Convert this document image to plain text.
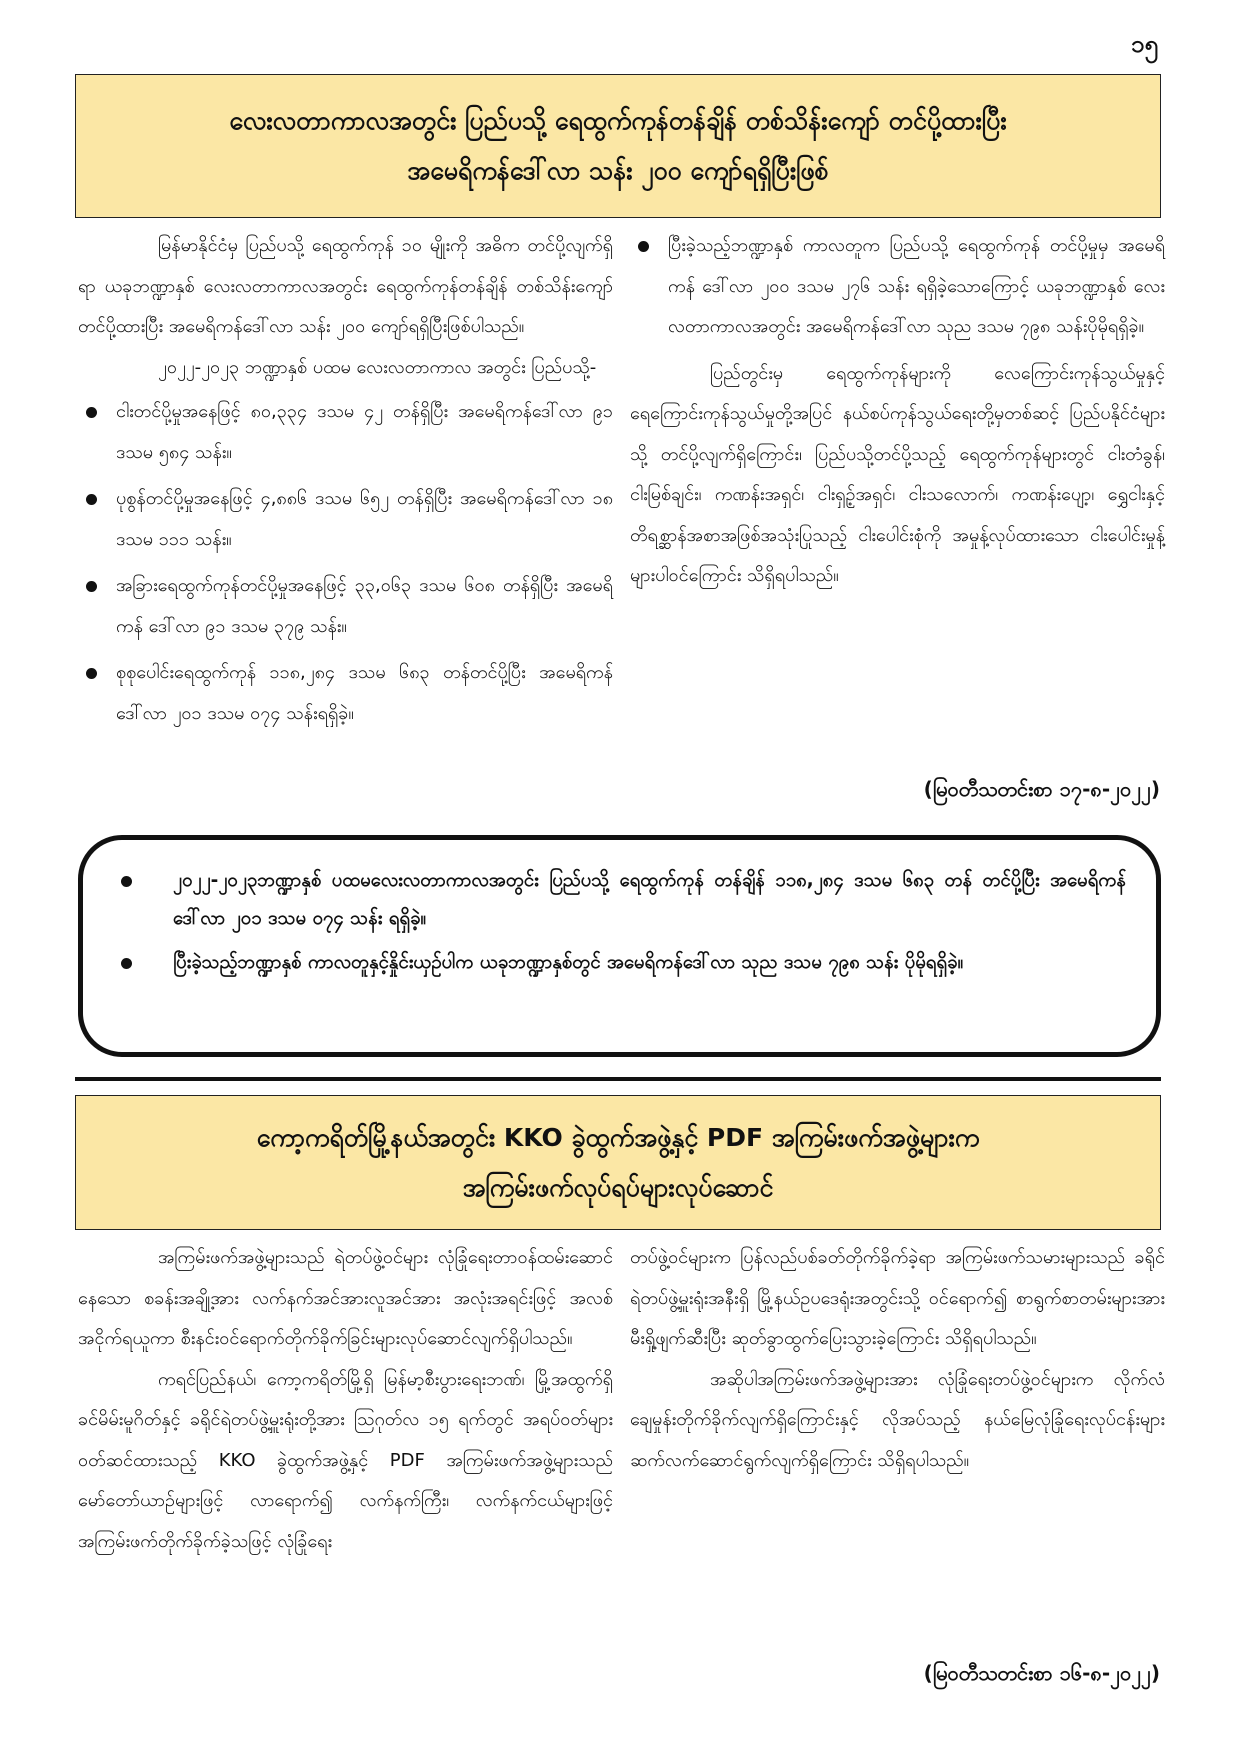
၁၅
လေးလတာကာလအတွင်း ပြည်ပသို့ ရေထွက်ကုန်တန်ချိန် တစ်သိန်းကျော် တင်ပို့ထားပြီး
အမေရိကန်ဒေါ်လာ သန်း ၂၀၀ ကျော်ရရှိပြီးဖြစ်

မြန်မာနိုင်ငံမှ ပြည်ပသို့ ရေထွက်ကုန် ၁၀ မျိုးကို အဓိက တင်ပို့လျက်ရှိရာ ယခုဘဏ္ဍာနှစ် လေးလတာကာလအတွင်း ရေထွက်ကုန်တန်ချိန် တစ်သိန်းကျော်တင်ပို့ထားပြီး အမေရိကန်ဒေါ်လာ သန်း ၂၀၀ ကျော်ရရှိပြီးဖြစ်ပါသည်။

၂၀၂၂-၂၀၂၃ ဘဏ္ဍာနှစ် ပထမ လေးလတာကာလ အတွင်း ပြည်ပသို့-

ငါးတင်ပို့မှုအနေဖြင့် ၈၀,၃၃၄ ဒသမ ၄၂ တန်ရှိပြီး အမေရိကန်ဒေါ်လာ ၉၁ ဒသမ ၅၈၄ သန်း။
ပုစွန်တင်ပို့မှုအနေဖြင့် ၄,၈၈၆ ဒသမ ၆၅၂ တန်ရှိပြီး အမေရိကန်ဒေါ်လာ ၁၈ ဒသမ ၁၁၁ သန်း။
အခြားရေထွက်ကုန်တင်ပို့မှုအနေဖြင့် ၃၃,၀၆၃ ဒသမ ၆၀၈ တန်ရှိပြီး အမေရိကန် ဒေါ်လာ ၉၁ ဒသမ ၃၇၉ သန်း။
စုစုပေါင်းရေထွက်ကုန် ၁၁၈,၂၈၄ ဒသမ ၆၈၃ တန်တင်ပို့ပြီး အမေရိကန်ဒေါ်လာ ၂၀၁ ဒသမ ၀၇၄ သန်းရရှိခဲ့။
ပြီးခဲ့သည့်ဘဏ္ဍာနှစ် ကာလတူက ပြည်ပသို့ ရေထွက်ကုန် တင်ပို့မှုမှ အမေရိကန် ဒေါ်လာ ၂၀၀ ဒသမ ၂၇၆ သန်း ရရှိခဲ့သောကြောင့် ယခုဘဏ္ဍာနှစ် လေးလတာကာလအတွင်း အမေရိကန်ဒေါ်လာ သုည ဒသမ ၇၉၈ သန်းပိုမိုရရှိခဲ့။

ပြည်တွင်းမှ ရေထွက်ကုန်များကို လေကြောင်းကုန်သွယ်မှုနှင့် ရေကြောင်းကုန်သွယ်မှုတို့အပြင် နယ်စပ်ကုန်သွယ်ရေးတို့မှတစ်ဆင့် ပြည်ပနိုင်ငံများသို့ တင်ပို့လျက်ရှိကြောင်း၊ ပြည်ပသို့တင်ပို့သည့် ရေထွက်ကုန်များတွင် ငါးတံခွန်၊ ငါးမြစ်ချင်း၊ ကဏန်းအရှင်၊ ငါးရှဉ့်အရှင်၊ ငါးသလောက်၊ ကဏန်းပျော့၊ ရွှေငါးနှင့် တိရစ္ဆာန်အစာအဖြစ်အသုံးပြုသည့် ငါးပေါင်းစုံကို အမှုန့်လုပ်ထားသော ငါးပေါင်းမှုန့်များပါဝင်ကြောင်း သိရှိရပါသည်။

(မြဝတီသတင်းစာ ၁၇-၈-၂၀၂၂)
၂၀၂၂-၂၀၂၃ဘဏ္ဍာနှစ် ပထမလေးလတာကာလအတွင်း ပြည်ပသို့ ရေထွက်ကုန် တန်ချိန် ၁၁၈,၂၈၄ ဒသမ ၆၈၃ တန် တင်ပို့ပြီး အမေရိကန်ဒေါ်လာ ၂၀၁ ဒသမ ၀၇၄ သန်း ရရှိခဲ့။
ပြီးခဲ့သည့်ဘဏ္ဍာနှစ် ကာလတူနှင့်နှိုင်းယှဉ်ပါက ယခုဘဏ္ဍာနှစ်တွင် အမေရိကန်ဒေါ်လာ သုည ဒသမ ၇၉၈ သန်း ပိုမိုရရှိခဲ့။
ကော့ကရိတ်မြို့နယ်အတွင်း KKO ခွဲထွက်အဖွဲ့နှင့် PDF အကြမ်းဖက်အဖွဲ့များက
အကြမ်းဖက်လုပ်ရပ်များလုပ်ဆောင်

အကြမ်းဖက်အဖွဲ့များသည် ရဲတပ်ဖွဲ့ဝင်များ လုံခြုံရေးတာဝန်ထမ်းဆောင်နေသော စခန်းအချို့အား လက်နက်အင်အားလူအင်အား အလုံးအရင်းဖြင့် အလစ်အငိုက်ရယူကာ စီးနင်းဝင်ရောက်တိုက်ခိုက်ခြင်းများလုပ်ဆောင်လျက်ရှိပါသည်။

ကရင်ပြည်နယ်၊ ကော့ကရိတ်မြို့ရှိ မြန်မာ့စီးပွားရေးဘဏ်၊ မြို့အထွက်ရှိ ခင်မိမ်းမူဂိတ်နှင့် ခရိုင်ရဲတပ်ဖွဲ့မှူးရုံးတို့အား သြဂုတ်လ ၁၅ ရက်တွင် အရပ်ဝတ်များ ဝတ်ဆင်ထားသည့် KKO ခွဲထွက်အဖွဲ့နှင့် PDF အကြမ်းဖက်အဖွဲ့များသည် မော်တော်ယာဉ်များဖြင့် လာရောက်၍ လက်နက်ကြီး၊ လက်နက်ငယ်များဖြင့် အကြမ်းဖက်တိုက်ခိုက်ခဲ့သဖြင့် လုံခြုံရေး

တပ်ဖွဲ့ဝင်များက ပြန်လည်ပစ်ခတ်တိုက်ခိုက်ခဲ့ရာ အကြမ်းဖက်သမားများသည် ခရိုင်ရဲတပ်ဖွဲ့မှူးရုံးအနီးရှိ မြို့နယ်ဥပဒေရုံးအတွင်းသို့ ဝင်ရောက်၍ စာရွက်စာတမ်းများအား မီးရှို့ဖျက်ဆီးပြီး ဆုတ်ခွာထွက်ပြေးသွားခဲ့ကြောင်း သိရှိရပါသည်။

အဆိုပါအကြမ်းဖက်အဖွဲ့များအား လုံခြုံရေးတပ်ဖွဲ့ဝင်များက လိုက်လံချေမှုန်းတိုက်ခိုက်လျက်ရှိကြောင်းနှင့် လိုအပ်သည့် နယ်မြေလုံခြုံရေးလုပ်ငန်းများ ဆက်လက်ဆောင်ရွက်လျက်ရှိကြောင်း သိရှိရပါသည်။

(မြဝတီသတင်းစာ ၁၆-၈-၂၀၂၂)
